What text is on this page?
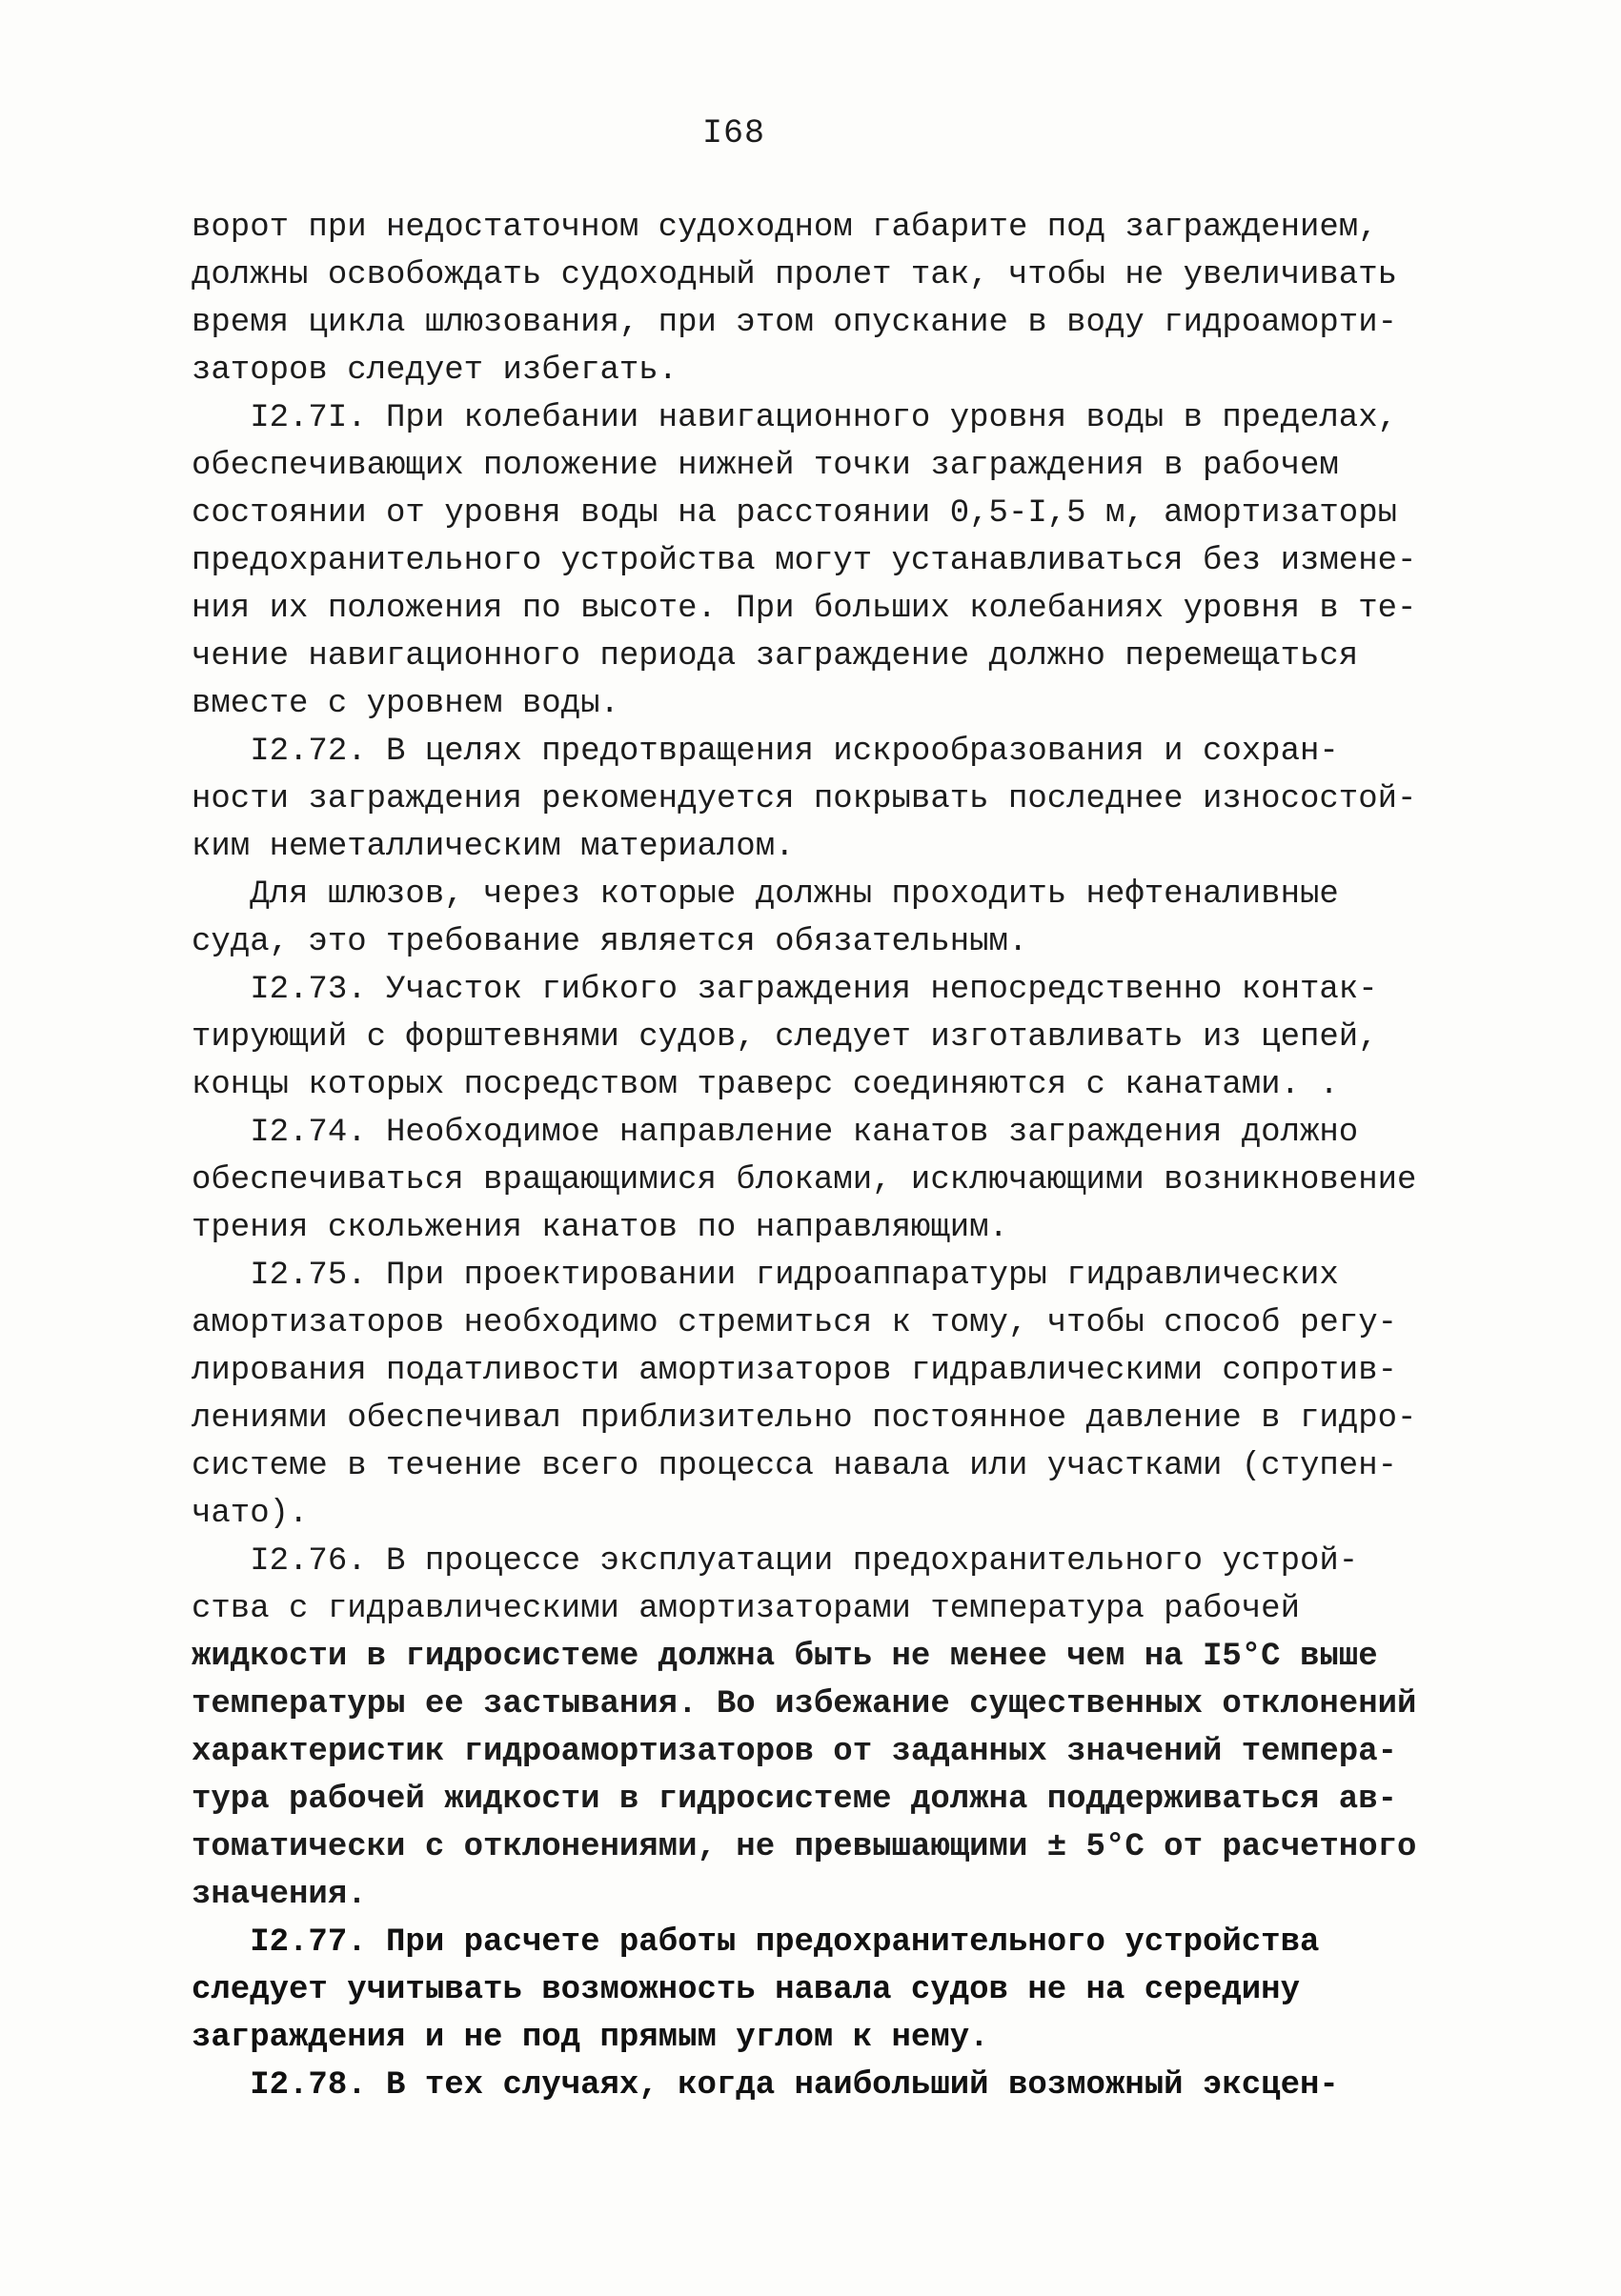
I68
ворот при недостаточном судоходном габарите под заграждением,
должны освобождать судоходный пролет так, чтобы не увеличивать
время цикла шлюзования, при этом опускание в воду гидроаморти-
заторов следует избегать.
I2.7I. При колебании навигационного уровня воды в пределах,
обеспечивающих положение нижней точки заграждения в рабочем
состоянии от уровня воды на расстоянии 0,5-I,5 м, амортизаторы
предохранительного устройства могут устанавливаться без измене-
ния их положения по высоте. При больших колебаниях уровня в те-
чение навигационного периода заграждение должно перемещаться
вместе с уровнем воды.
I2.72. В целях предотвращения искрообразования и сохран-
ности заграждения рекомендуется покрывать последнее износостой-
ким неметаллическим материалом.
Для шлюзов, через которые должны проходить нефтеналивные
суда, это требование является обязательным.
I2.73. Участок гибкого заграждения непосредственно контак-
тирующий с форштевнями судов, следует изготавливать из цепей,
концы которых посредством траверс соединяются с канатами. .
I2.74. Необходимое направление канатов заграждения должно
обеспечиваться вращающимися блоками, исключающими возникновение
трения скольжения канатов по направляющим.
I2.75. При проектировании гидроаппаратуры гидравлических
амортизаторов необходимо стремиться к тому, чтобы способ регу-
лирования податливости амортизаторов гидравлическими сопротив-
лениями обеспечивал приблизительно постоянное давление в гидро-
системе в течение всего процесса навала или участками (ступен-
чато).
I2.76. В процессе эксплуатации предохранительного устрой-
ства с гидравлическими амортизаторами температура рабочей
жидкости в гидросистеме должна быть не менее чем на I5°С выше
температуры ее застывания. Во избежание существенных отклонений
характеристик гидроамортизаторов от заданных значений темпера-
тура рабочей жидкости в гидросистеме должна поддерживаться ав-
томатически с отклонениями, не превышающими ± 5°С от расчетного
значения.
I2.77. При расчете работы предохранительного устройства
следует учитывать возможность навала судов не на середину
заграждения и не под прямым углом к нему.
I2.78. В тех случаях, когда наибольший возможный эксцен-
